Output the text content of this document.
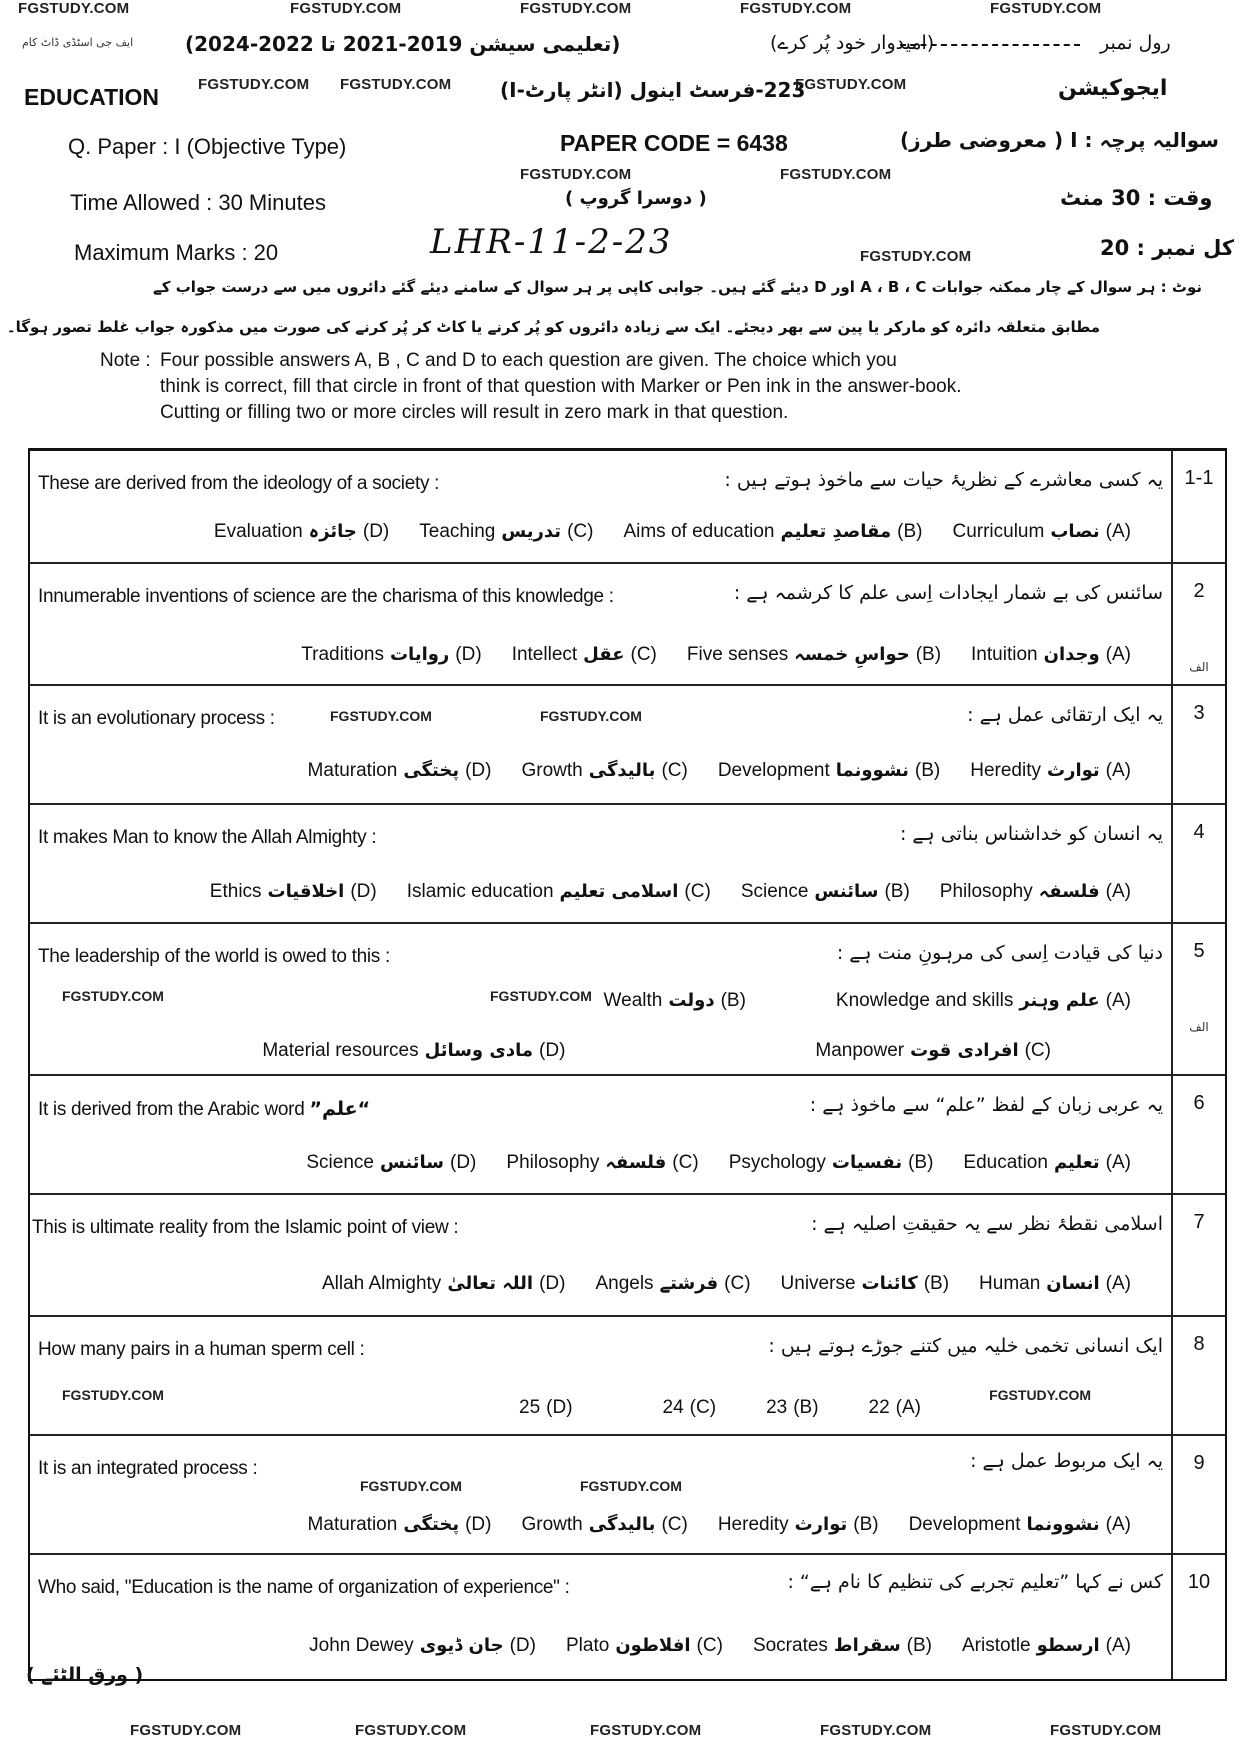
FGSTUDY.COM	FGSTUDY.COM	FGSTUDY.COM	FGSTUDY.COM	FGSTUDY.COM
ایف جی اسٹڈی ڈاٹ کام	(تعلیمی سیشن 2019-2021 تا 2022-2024)	(امیدوار خود پُر کرے)	رول نمبر
EDUCATION	FGSTUDY.COM FGSTUDY.COM 223-فرسٹ اینول (انٹر پارٹ-I)
FGSTUDY.COM	ایجوکیشن
Q. Paper : I (Objective Type)	PAPER CODE = 6438	سوالیہ پرچہ : I ( معروضی طرز)
Time Allowed : 30 Minutes	( دوسرا گروپ )
FGSTUDY.COM	FGSTUDY.COM
وقت : 30 منٹ
Maximum Marks : 20	LHR-11-2-23	FGSTUDY.COM	کل نمبر : 20
نوٹ : ہر سوال کے چار ممکنہ جوابات A ، B ، C اور D دیئے گئے ہیں۔ جوابی کاپی پر ہر سوال کے سامنے دیئے گئے دائروں میں سے درست جواب کے
مطابق متعلقہ دائرہ کو مارکر یا پین سے بھر دیجئے۔ ایک سے زیادہ دائروں کو پُر کرنے یا کاٹ کر پُر کرنے کی صورت میں مذکورہ جواب غلط تصور ہوگا۔
Note : Four possible answers A, B , C and D to each question are given. The choice which you
think is correct, fill that circle in front of that question with Marker or Pen ink in the answer-book.
Cutting or filling two or more circles will result in zero mark in that question.
These are derived from the ideology of a society :	یہ کسی معاشرے کے نظریۂ حیات سے ماخوذ ہوتے ہیں :
(A)
نصاب
Curriculum
(B)
مقاصدِ تعلیم
Aims of education
(C)
تدریس
Teaching
(D)
جائزہ
Evaluation
1-1
Innumerable inventions of science are the charisma of this knowledge :	سائنس کی بے شمار ایجادات اِسی علم کا کرشمہ ہے :
(A)
وجدان
Intuition
(B)
حواسِ خمسہ
Five senses
(C)
عقل
Intellect
(D)
روایات
Traditions
2
الف
It is an evolutionary process :	FGSTUDY.COM	FGSTUDY.COM	یہ ایک ارتقائی عمل ہے :
(A)
توارث
Heredity
(B)
نشوونما
Development
(C)
بالیدگی
Growth
(D)
پختگی
Maturation
3
It makes Man to know the Allah Almighty :	یہ انسان کو خداشناس بناتی ہے :
(A)
فلسفہ
Philosophy
(B)
سائنس
Science
(C)
اسلامی تعلیم
Islamic education
(D)
اخلاقیات
Ethics
4
The leadership of the world is owed to this :	دنیا کی قیادت اِسی کی مرہونِ منت ہے :
FGSTUDY.COM	FGSTUDY.COM	(A)
علم وہنر
Knowledge and skills
(B)
دولت
Wealth
(C)
افرادی قوت
Manpower
(D)
مادی وسائل
Material resources
5
الف
It is derived from the Arabic word “علم”	یہ عربی زبان کے لفظ ”علم“ سے ماخوذ ہے :
(A)
تعلیم
Education
(B)
نفسیات
Psychology
(C)
فلسفہ
Philosophy
(D)
سائنس
Science
6
This is ultimate reality from the Islamic point of view :	اسلامی نقطۂ نظر سے یہ حقیقتِ اصلیہ ہے :
(A)
انسان
Human
(B)
کائنات
Universe
(C)
فرشتے
Angels
(D)
اللہ تعالیٰ
Allah Almighty
7
How many pairs in a human sperm cell :	ایک انسانی تخمی خلیہ میں کتنے جوڑے ہوتے ہیں :
FGSTUDY.COM	FGSTUDY.COM
(A)
22
(B)
23
(C)
24
(D)
25
8
It is an integrated process :
FGSTUDY.COM	FGSTUDY.COM
یہ ایک مربوط عمل ہے :
(A)
نشوونما
Development
(B)
توارث
Heredity
(C)
بالیدگی
Growth
(D)
پختگی
Maturation
9
Who said, "Education is the name of organization of experience" :	کس نے کہا ”تعلیم تجربے کی تنظیم کا نام ہے“ :
(A)
ارسطو
Aristotle
(B)
سقراط
Socrates
(C)
افلاطون
Plato
(D)
جان ڈیوی
John Dewey
10
( ورق الٹئے )
FGSTUDY.COM	FGSTUDY.COM	FGSTUDY.COM	FGSTUDY.COM	FGSTUDY.COM
